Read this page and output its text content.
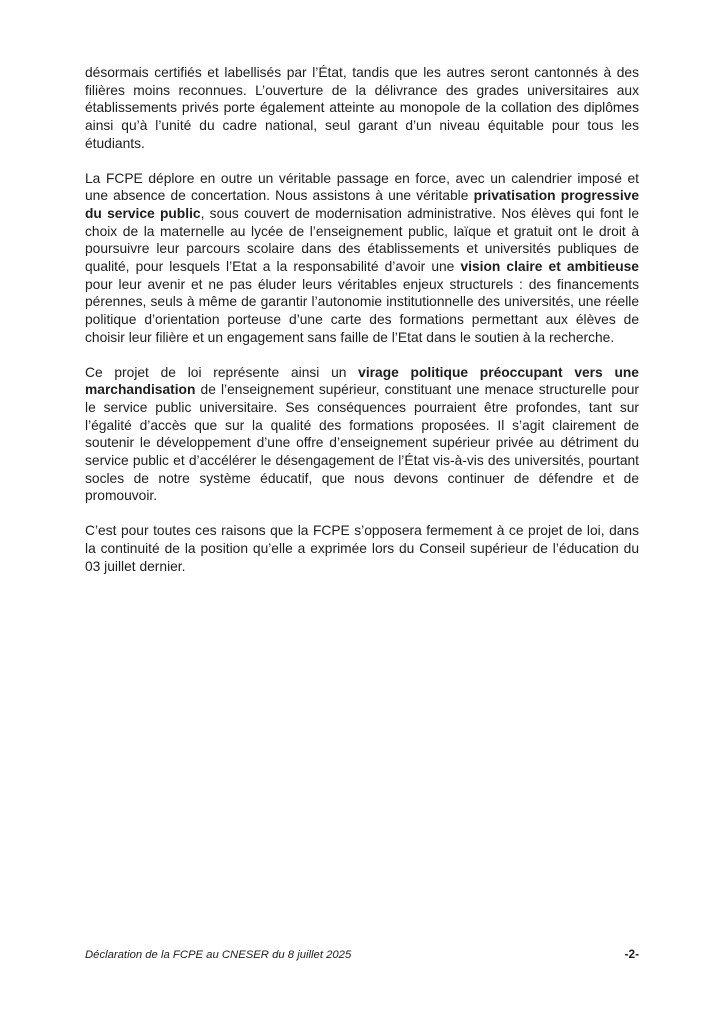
désormais certifiés et labellisés par l’État, tandis que les autres seront cantonnés à des filières moins reconnues. L’ouverture de la délivrance des grades universitaires aux établissements privés porte également atteinte au monopole de la collation des diplômes ainsi qu’à l’unité du cadre national, seul garant d’un niveau équitable pour tous les étudiants.

La FCPE déplore en outre un véritable passage en force, avec un calendrier imposé et une absence de concertation. Nous assistons à une véritable privatisation progressive du service public, sous couvert de modernisation administrative. Nos élèves qui font le choix de la maternelle au lycée de l’enseignement public, laïque et gratuit ont le droit à poursuivre leur parcours scolaire dans des établissements et universités publiques de qualité, pour lesquels l’Etat a la responsabilité d’avoir une vision claire et ambitieuse pour leur avenir et ne pas éluder leurs véritables enjeux structurels : des financements pérennes, seuls à même de garantir l’autonomie institutionnelle des universités, une réelle politique d’orientation porteuse d’une carte des formations permettant aux élèves de choisir leur filière et un engagement sans faille de l’Etat dans le soutien à la recherche.

Ce projet de loi représente ainsi un virage politique préoccupant vers une marchandisation de l’enseignement supérieur, constituant une menace structurelle pour le service public universitaire. Ses conséquences pourraient être profondes, tant sur l’égalité d’accès que sur la qualité des formations proposées. Il s’agit clairement de soutenir le développement d’une offre d’enseignement supérieur privée au détriment du service public et d’accélérer le désengagement de l’État vis-à-vis des universités, pourtant socles de notre système éducatif, que nous devons continuer de défendre et de promouvoir.

C’est pour toutes ces raisons que la FCPE s’opposera fermement à ce projet de loi, dans la continuité de la position qu’elle a exprimée lors du Conseil supérieur de l’éducation du 03 juillet dernier.

Déclaration de la FCPE au CNESER du 8 juillet 2025	-2-
